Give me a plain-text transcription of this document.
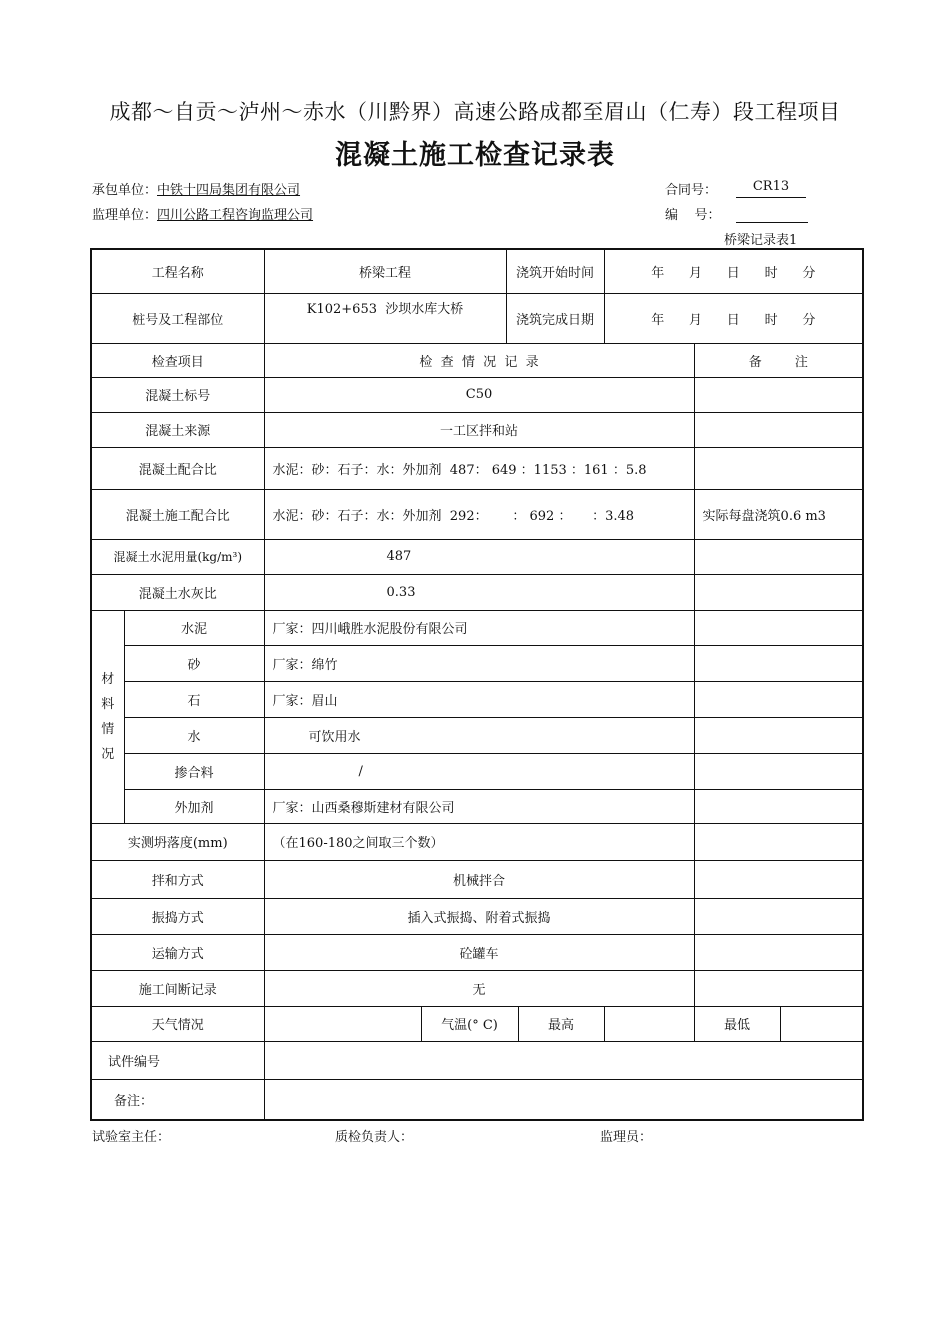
成都～自贡～泸州～赤水（川黔界）高速公路成都至眉山（仁寿）段工程项目
混凝土施工检查记录表
承包单位：中铁十四局集团有限公司
监理单位：四川公路工程咨询监理公司
合同号：	CR13
编    号：
桥梁记录表1
工程名称		桥梁工程		浇筑开始时间		年      月      日      时      分		
桩号及工程部位		K102+653  沙坝水库大桥		浇筑完成日期		年      月      日      时      分		
检查项目		检  查  情  况  记  录					备        注	
混凝土标号		C50						
混凝土来源		一工区拌和站						
混凝土配合比		水泥：砂：石子：水：外加剂  487： 649 ：1153 ：161 ：5.8						
混凝土施工配合比		水泥：砂：石子：水：外加剂  292：      ： 692 ：     ：3.48					实际每盘浇筑0.6 m3	
混凝土水泥用量(kg/m³)		487						
混凝土水灰比		0.33						

材
料
情
况	水泥	厂家：四川峨胜水泥股份有限公司						
	砂	厂家：绵竹						
	石	厂家：眉山						
	水	可饮用水						
	掺合料	/						
	外加剂	厂家：山西桑穆斯建材有限公司						
实测坍落度(mm)		（在160-180之间取三个数）						
拌和方式		机械拌合						
振捣方式		插入式振捣、附着式振捣						
运输方式		砼罐车						
施工间断记录		无						
天气情况			气温(° C)		最高		最低	
试件编号								
备注：								
试验室主任：	质检负责人：	监理员：
